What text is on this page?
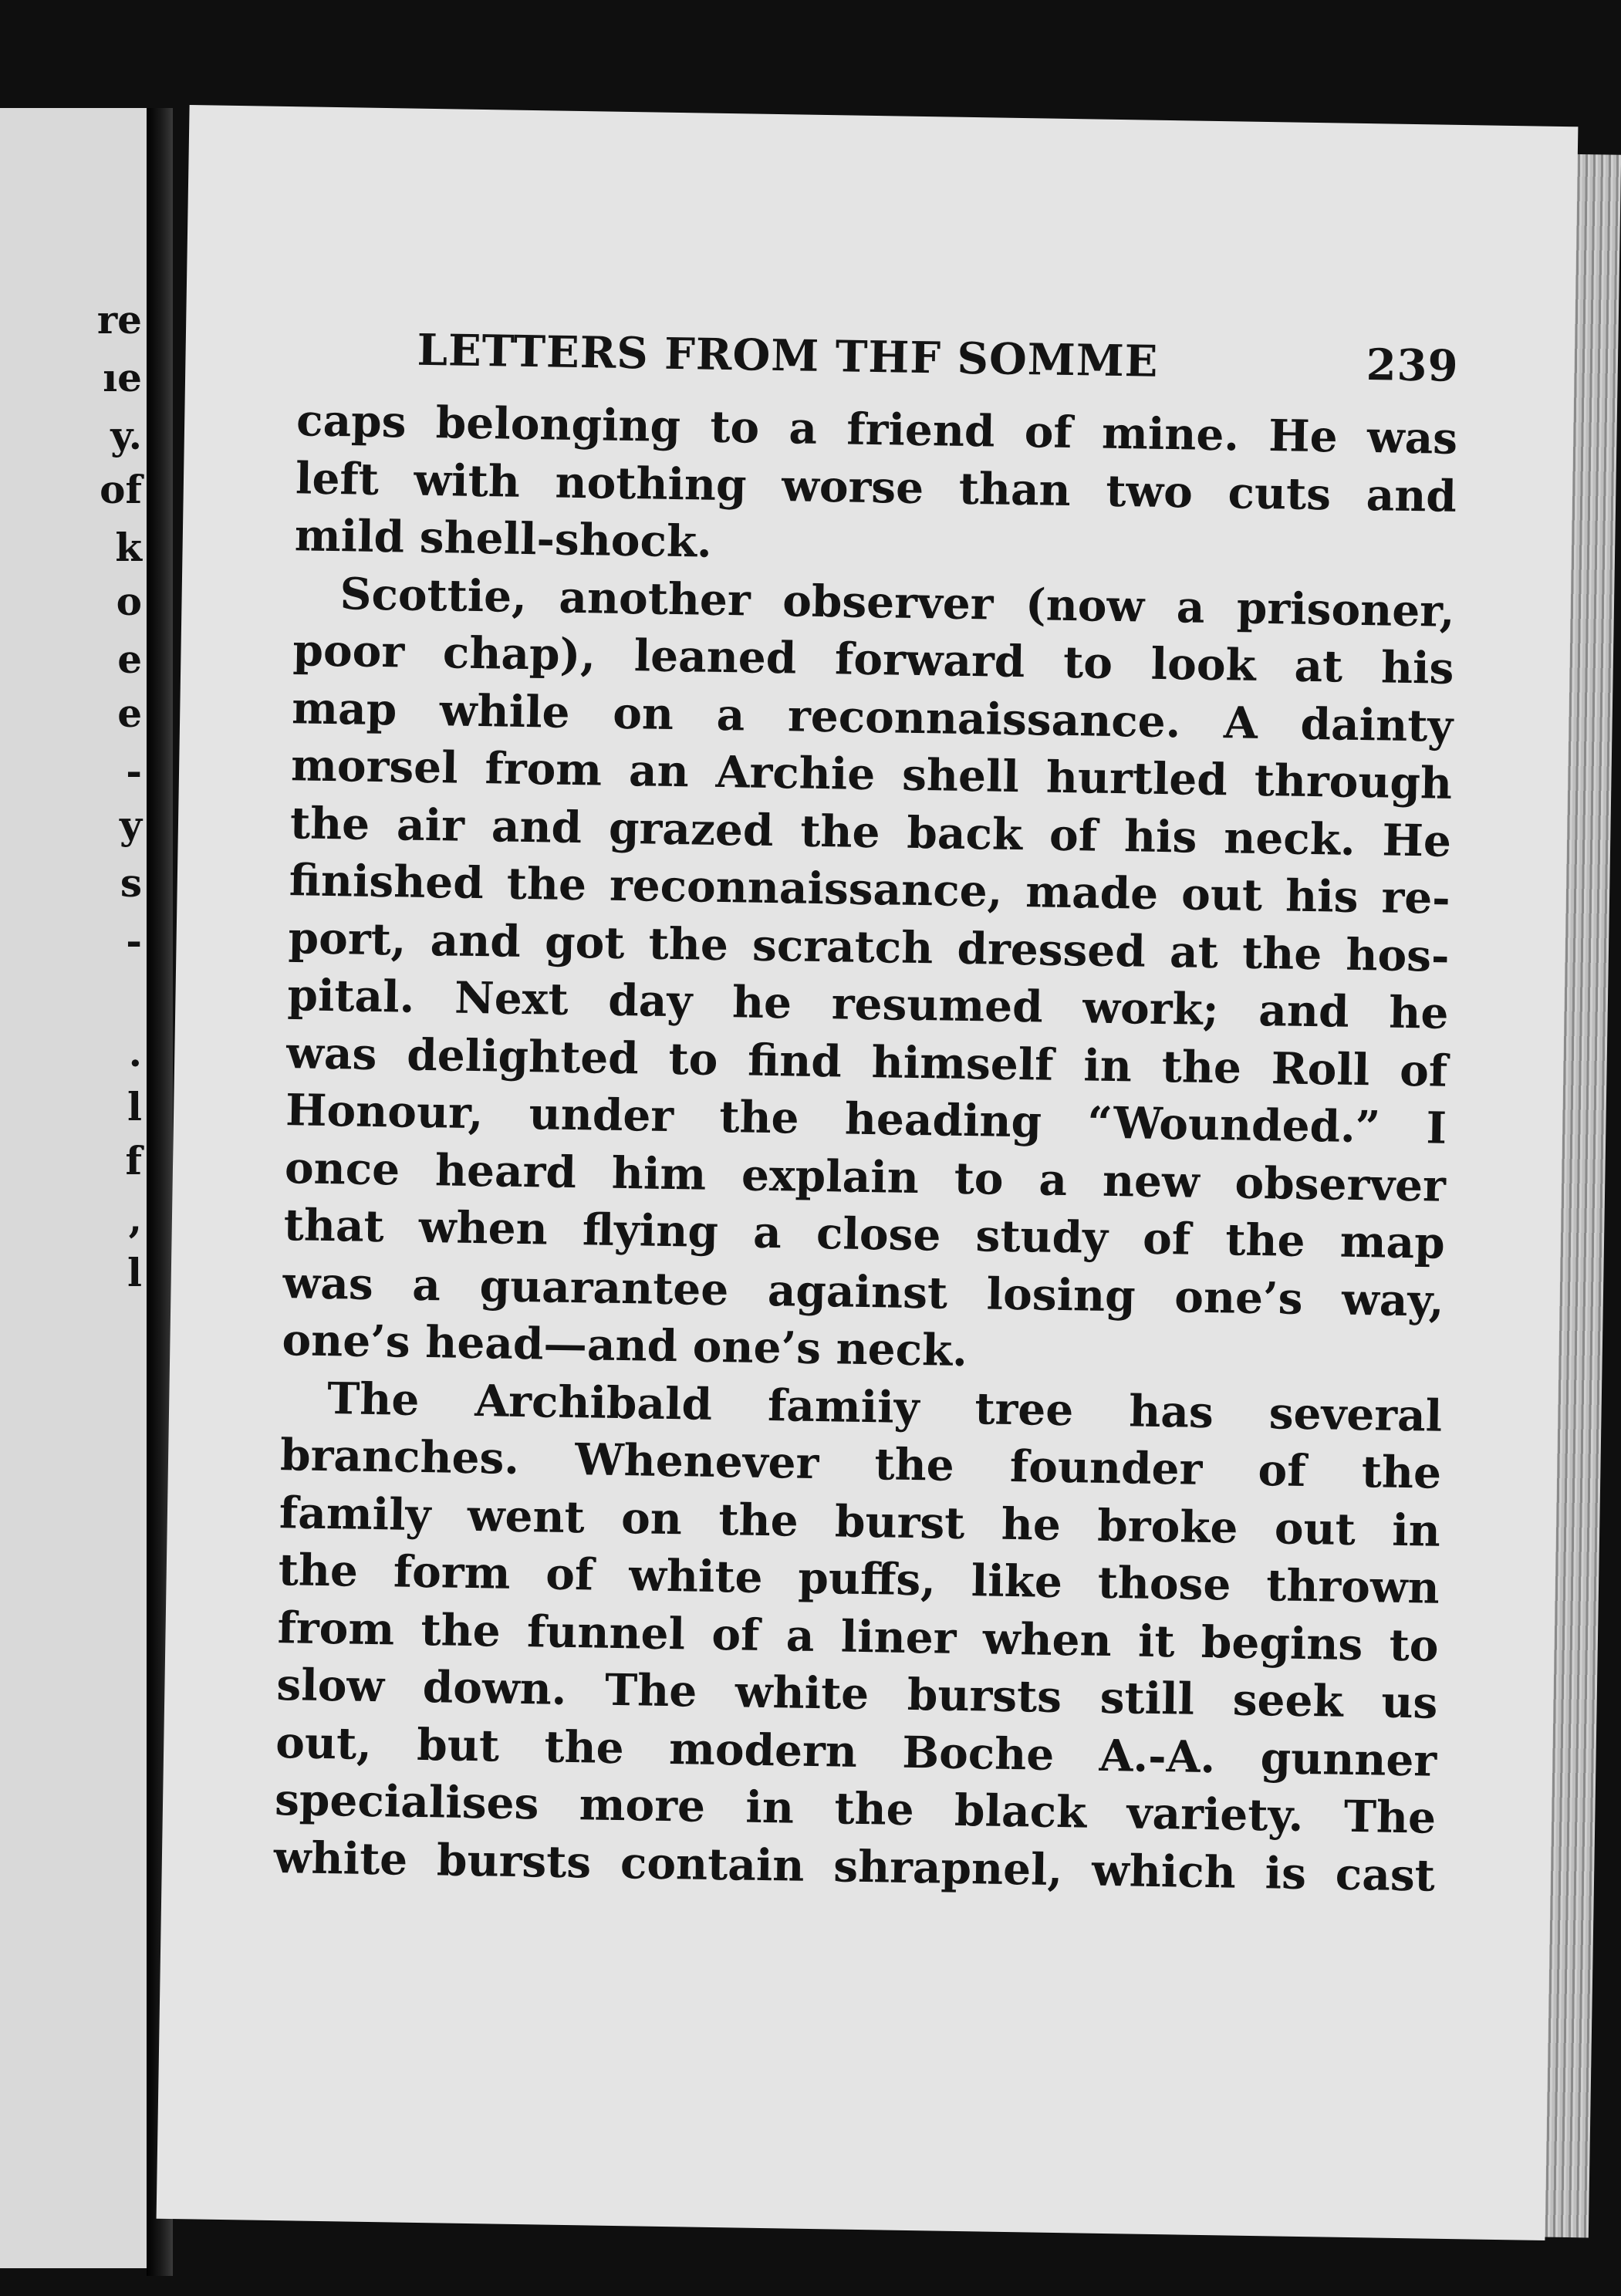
re
ıe
y.
of
k
o
e
e
-
y
s
-
.
l
f
,
l
LETTERS FROM THF SOMME	239
caps belonging to a friend of mine. He was
left with nothing worse than two cuts and
mild shell-shock.
Scottie, another observer (now a prisoner,
poor chap), leaned forward to look at his
map while on a reconnaissance. A dainty
morsel from an Archie shell hurtled through
the air and grazed the back of his neck. He
finished the reconnaissance, made out his re-
port, and got the scratch dressed at the hos-
pital. Next day he resumed work; and he
was delighted to find himself in the Roll of
Honour, under the heading “Wounded.” I
once heard him explain to a new observer
that when flying a close study of the map
was a guarantee against losing one’s way,
one’s head—and one’s neck.
The Archibald famiiy tree has several
branches. Whenever the founder of the
family went on the burst he broke out in
the form of white puffs, like those thrown
from the funnel of a liner when it begins to
slow down. The white bursts still seek us
out, but the modern Boche A.-A. gunner
specialises more in the black variety. The
white bursts contain shrapnel, which is cast
